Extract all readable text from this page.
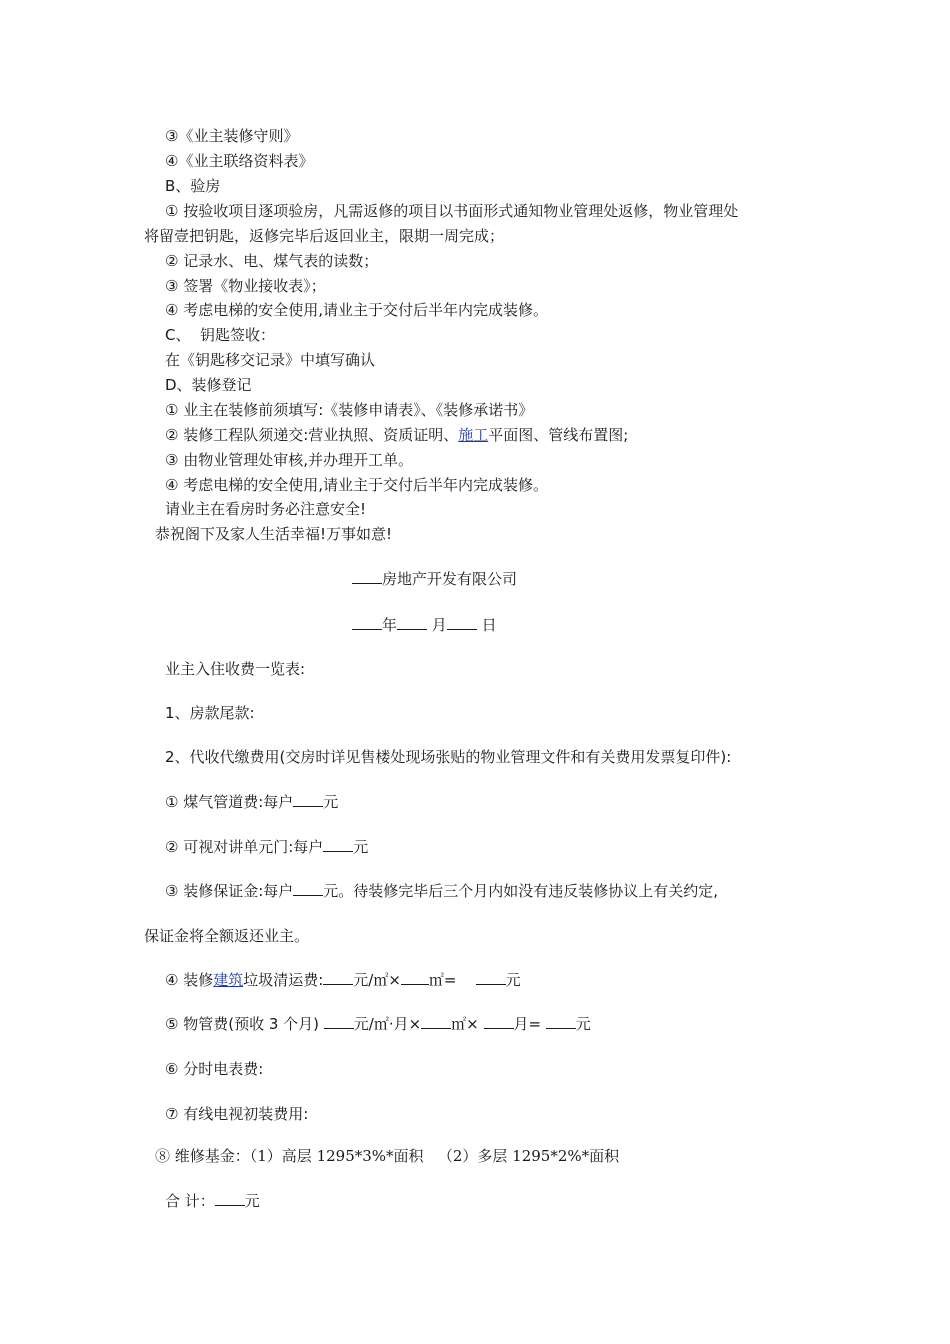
③《业主装修守则》
④《业主联络资料表》
B、验房
① 按验收项目逐项验房，凡需返修的项目以书面形式通知物业管理处返修，物业管理处
将留壹把钥匙，返修完毕后返回业主，限期一周完成；
② 记录水、电、煤气表的读数；
③ 签署《物业接收表》；
④ 考虑电梯的安全使用,请业主于交付后半年内完成装修。
C、  钥匙签收：
在《钥匙移交记录》中填写确认
D、装修登记
① 业主在装修前须填写:《装修申请表》、《装修承诺书》
② 装修工程队须递交:营业执照、资质证明、施工平面图、管线布置图;
③ 由物业管理处审核,并办理开工单。
④ 考虑电梯的安全使用,请业主于交付后半年内完成装修。
请业主在看房时务必注意安全!
恭祝阁下及家人生活幸福!万事如意!
房地产开发有限公司
年 月 日
业主入住收费一览表:
1、房款尾款:
2、代收代缴费用(交房时详见售楼处现场张贴的物业管理文件和有关费用发票复印件):
① 煤气管道费:每户 元
② 可视对讲单元门:每户 元
③ 装修保证金:每户 元。待装修完毕后三个月内如没有违反装修协议上有关约定,
保证金将全额返还业主。
④ 装修建筑垃圾清运费: 元/㎡× ㎡=	元
⑤ 物管费(预收 3 个月) 元/㎡·月× ㎡× 月= 元
⑥ 分时电表费:
⑦ 有线电视初装费用:
⑧ 维修基金：（1）高层 1295*3%*面积   （2）多层 1295*2%*面积
合 计： 元
